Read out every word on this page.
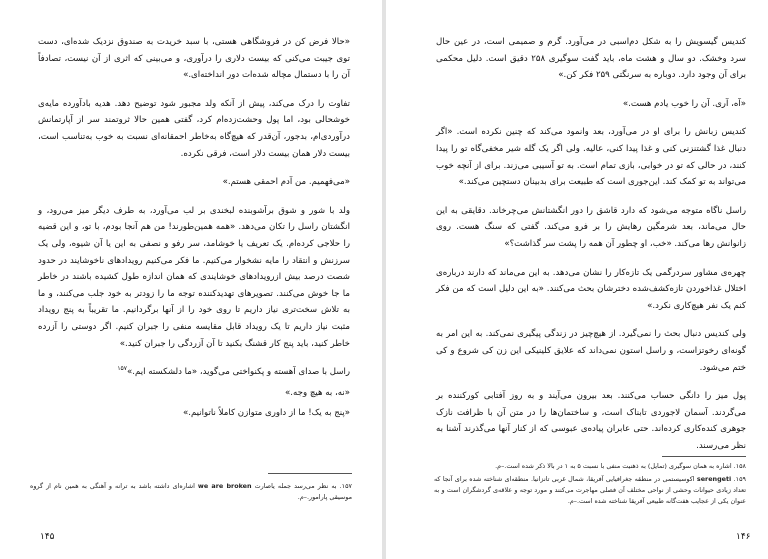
«حالا فرض کن در فروشگاهی هستی، با سبد خریدت به صندوق نزدیک شده‌ای، دست توی جیبت می‌کنی که بیست دلاری را درآوری، و می‌بینی که اثری از آن نیست، تصادفاً آن را با دستمال مچاله شده‌ات دور انداخته‌ای.»

تفاوت را درک می‌کند، پیش از آنکه ولد مجبور شود توضیح دهد. هدیه بادآورده مایه‌ی خوشحالی بود، اما پول وحشت‌زده‌ام کرد، گفتی همین حالا ثروتمند سر از آپارتمانش درآوردی‌ام، بدجور، آن‌قدر که هیچ‌گاه به‌خاطر احمقانه‌ای نسبت به خوب به‌تناسب است، بیست دلار همان بیست دلار است، فرقی نکرده.

«می‌فهمیم. من آدم احمقی هستم.»

ولد با شور و شوق برآشوبنده لبخندی بر لب می‌آورد، به طرف دیگر میز می‌رود، و انگشتان راسل را تکان می‌دهد. «همه همین‌طورند! من هم آنجا بودم، با تو، و این قضیه را حلاجی کرده‌ام. یک تعریف یا خوشامد، سر رفو و نصفی به این یا آن شیوه، ولی یک سرزنش و انتقاد را مایه نشخوار می‌کنیم. ما فکر می‌کنیم رویدادهای ناخوشایند در حدود شصت درصد بیش ازرویدادهای خوشایندی که همان اندازه طول کشیده باشند در خاطر ما جا خوش می‌کنند. تصویرهای تهدیدکننده توجه ما را زودتر به خود جلب می‌کنند، و ما به تلاش سخت‌تری نیاز داریم تا روی خود را از آنها برگردانیم. ما تقریباً به پنج رویداد مثبت نیاز داریم تا یک رویداد قابل مقایسه منفی را جبران کنیم. اگر دوستی را آزرده خاطر کنید، باید پنج کار قشنگ بکنید تا آن آزردگی را جبران کنید.»

راسل با صدای آهسته و پکنواختی می‌گوید، «ما دلشکسته ایم.»$^{۱۵۷}$

«نه، به هیچ وجه.»

«پنج به یک! ما از داوری متوازن کاملاً ناتوانیم.»

۱۵۷. به نظر می‌رسد جمله یاصارت we are broken اشاره‌ای داشته باشد به ترانه و آهنگی به همین نام از گروه موسیقی پارامور.–م.
۱۴۵

کندیس گیسویش را به شکل دم‌اسبی در می‌آورد. گرم و صمیمی است، در عین حال سرد وخشک. دو سال و هشت ماه، باید گفت سوگیری ۲۵۸ دقیق است. دلیل محکمی برای آن وجود دارد. دوباره به سرنگتی ۲۵۹ فکر کن.»

«آه، آری. آن را خوب یادم هست.»

کندیس زبانش را برای او در می‌آورد، بعد وانمود می‌کند که چنین نکرده است. «اگر دنبال غذا گشتنزنی کنی و غذا پیدا کنی، عالیه. ولی اگر یک گله شیر مخفی‌گاه تو را پیدا کنند، در حالی که تو در خوابی، بازی تمام است. به تو آسیبی می‌زند. برای از آنچه خوب می‌تواند به تو کمک کند. این‌جوری است که طبیعت برای بدبینان دستچین می‌کند.»

راسل ناگاه متوجه می‌شود که دارد قاشق را دور انگشتانش می‌چرخاند. دقایقی به این حال می‌ماند، بعد شرمگین رهایش را بر فرو می‌کند. گفتی که سنگ هست. روی زانوانش رها می‌کند. «خب، او چطور آن همه را پشت سر گذاشت؟»

چهره‌ی مشاور سردرگمی یک تازه‌کار را نشان می‌دهد. به این می‌ماند که دارند درباره‌ی اختلال غذاخوردن تازه‌کشف‌شده دخترشان بحث می‌کنند. «به این دلیل است که من فکر کنم یک نفر هیچ‌کاری نکرد.»

ولی کندیس دنبال بحث را نمی‌گیرد. از هیچ‌چیز در زندگی پیگیری نمی‌کند. به این امر به گونه‌ای رخوتزاست، و راسل استون نمی‌داند که علایق کلینیکی این زن کی شروع و کی ختم می‌شود.

پول میز را دانگی حساب می‌کنند. بعد بیرون می‌آیند و به روز آفتابی کورکننده بر می‌گردند. آسمان لاجوردی تابناک است، و ساختمان‌ها را در متن آن با ظرافت نازک جوهری کنده‌کاری کرده‌اند. حتی عابران پیاده‌ی عبوسی که از کنار آنها می‌گذرند آشنا به نظر می‌رسند.

۱۵۸. اشاره به همان سوگیری (تمایل) به ذهنیت منفی با نسبت ۵ به ۱ در بالا ذکر شده است.–م.
۱۵۹. serengeti اکوسیستمی در منطقه جغرافیایی آفریقا، شمال غربی تانزانیا. منطقه‌ای شناخته شده برای آنجا که تعداد زیادی حیوانات وحشی از نواحی مختلف آن فصلی مهاجرت می‌کنند و مورد توجه و علاقه‌ی گردشگران است و به عنوان یکی از عجایب هفت‌گانه طبیعی آفریقا شناخته شده است.–م.
۱۴۶
